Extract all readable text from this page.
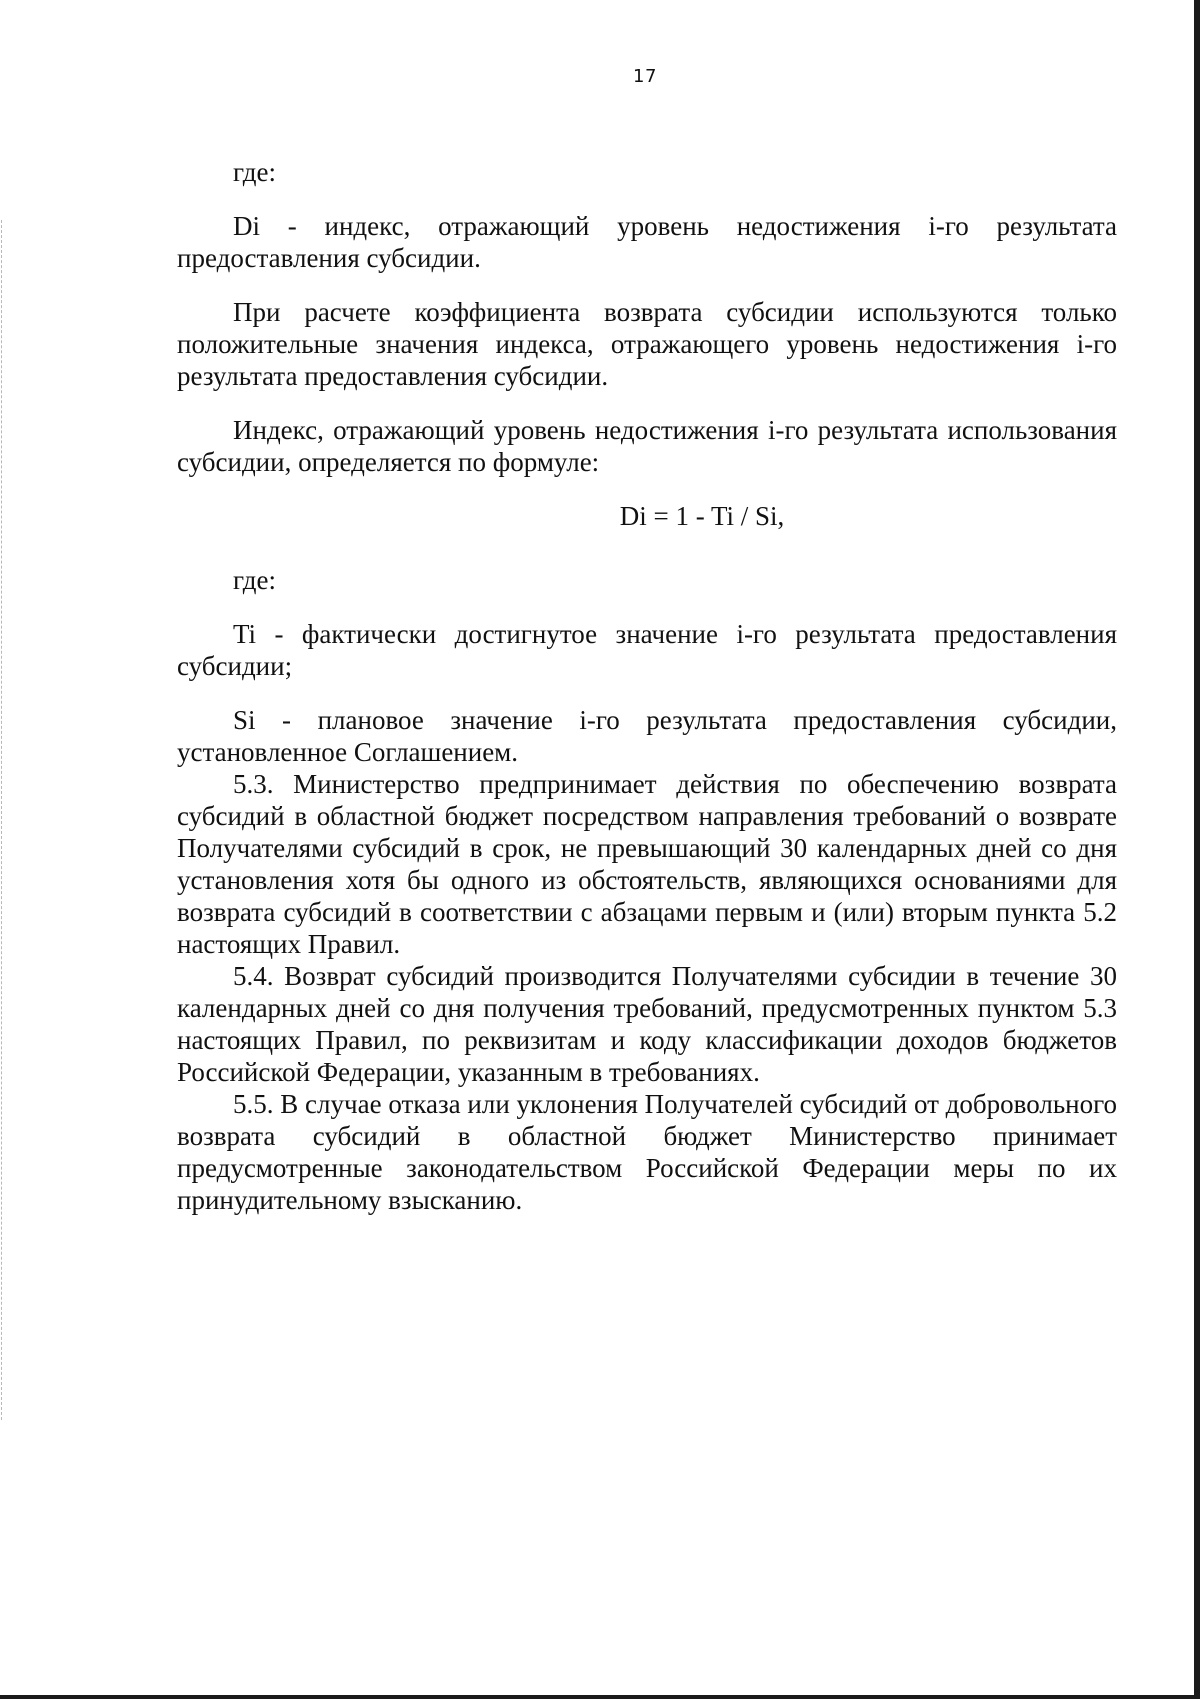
17

где:

Di - индекс, отражающий уровень недостижения i-го результата предоставления субсидии.

При расчете коэффициента возврата субсидии используются только положительные значения индекса, отражающего уровень недостижения i-го результата предоставления субсидии.

Индекс, отражающий уровень недостижения i-го результата использования субсидии, определяется по формуле:

Di = 1 - Ti / Si,

где:

Ti - фактически достигнутое значение i-го результата предоставления субсидии;

Si - плановое значение i-го результата предоставления субсидии, установленное Соглашением.

5.3. Министерство предпринимает действия по обеспечению возврата субсидий в областной бюджет посредством направления требований о возврате Получателями субсидий в срок, не превышающий 30 календарных дней со дня установления хотя бы одного из обстоятельств, являющихся основаниями для возврата субсидий в соответствии с абзацами первым и (или) вторым пункта 5.2 настоящих Правил.

5.4. Возврат субсидий производится Получателями субсидии в течение 30 календарных дней со дня получения требований, предусмотренных пунктом 5.3 настоящих Правил, по реквизитам и коду классификации доходов бюджетов Российской Федерации, указанным в требованиях.

5.5. В случае отказа или уклонения Получателей субсидий от добровольного возврата субсидий в областной бюджет Министерство принимает предусмотренные законодательством Российской Федерации меры по их принудительному взысканию.
